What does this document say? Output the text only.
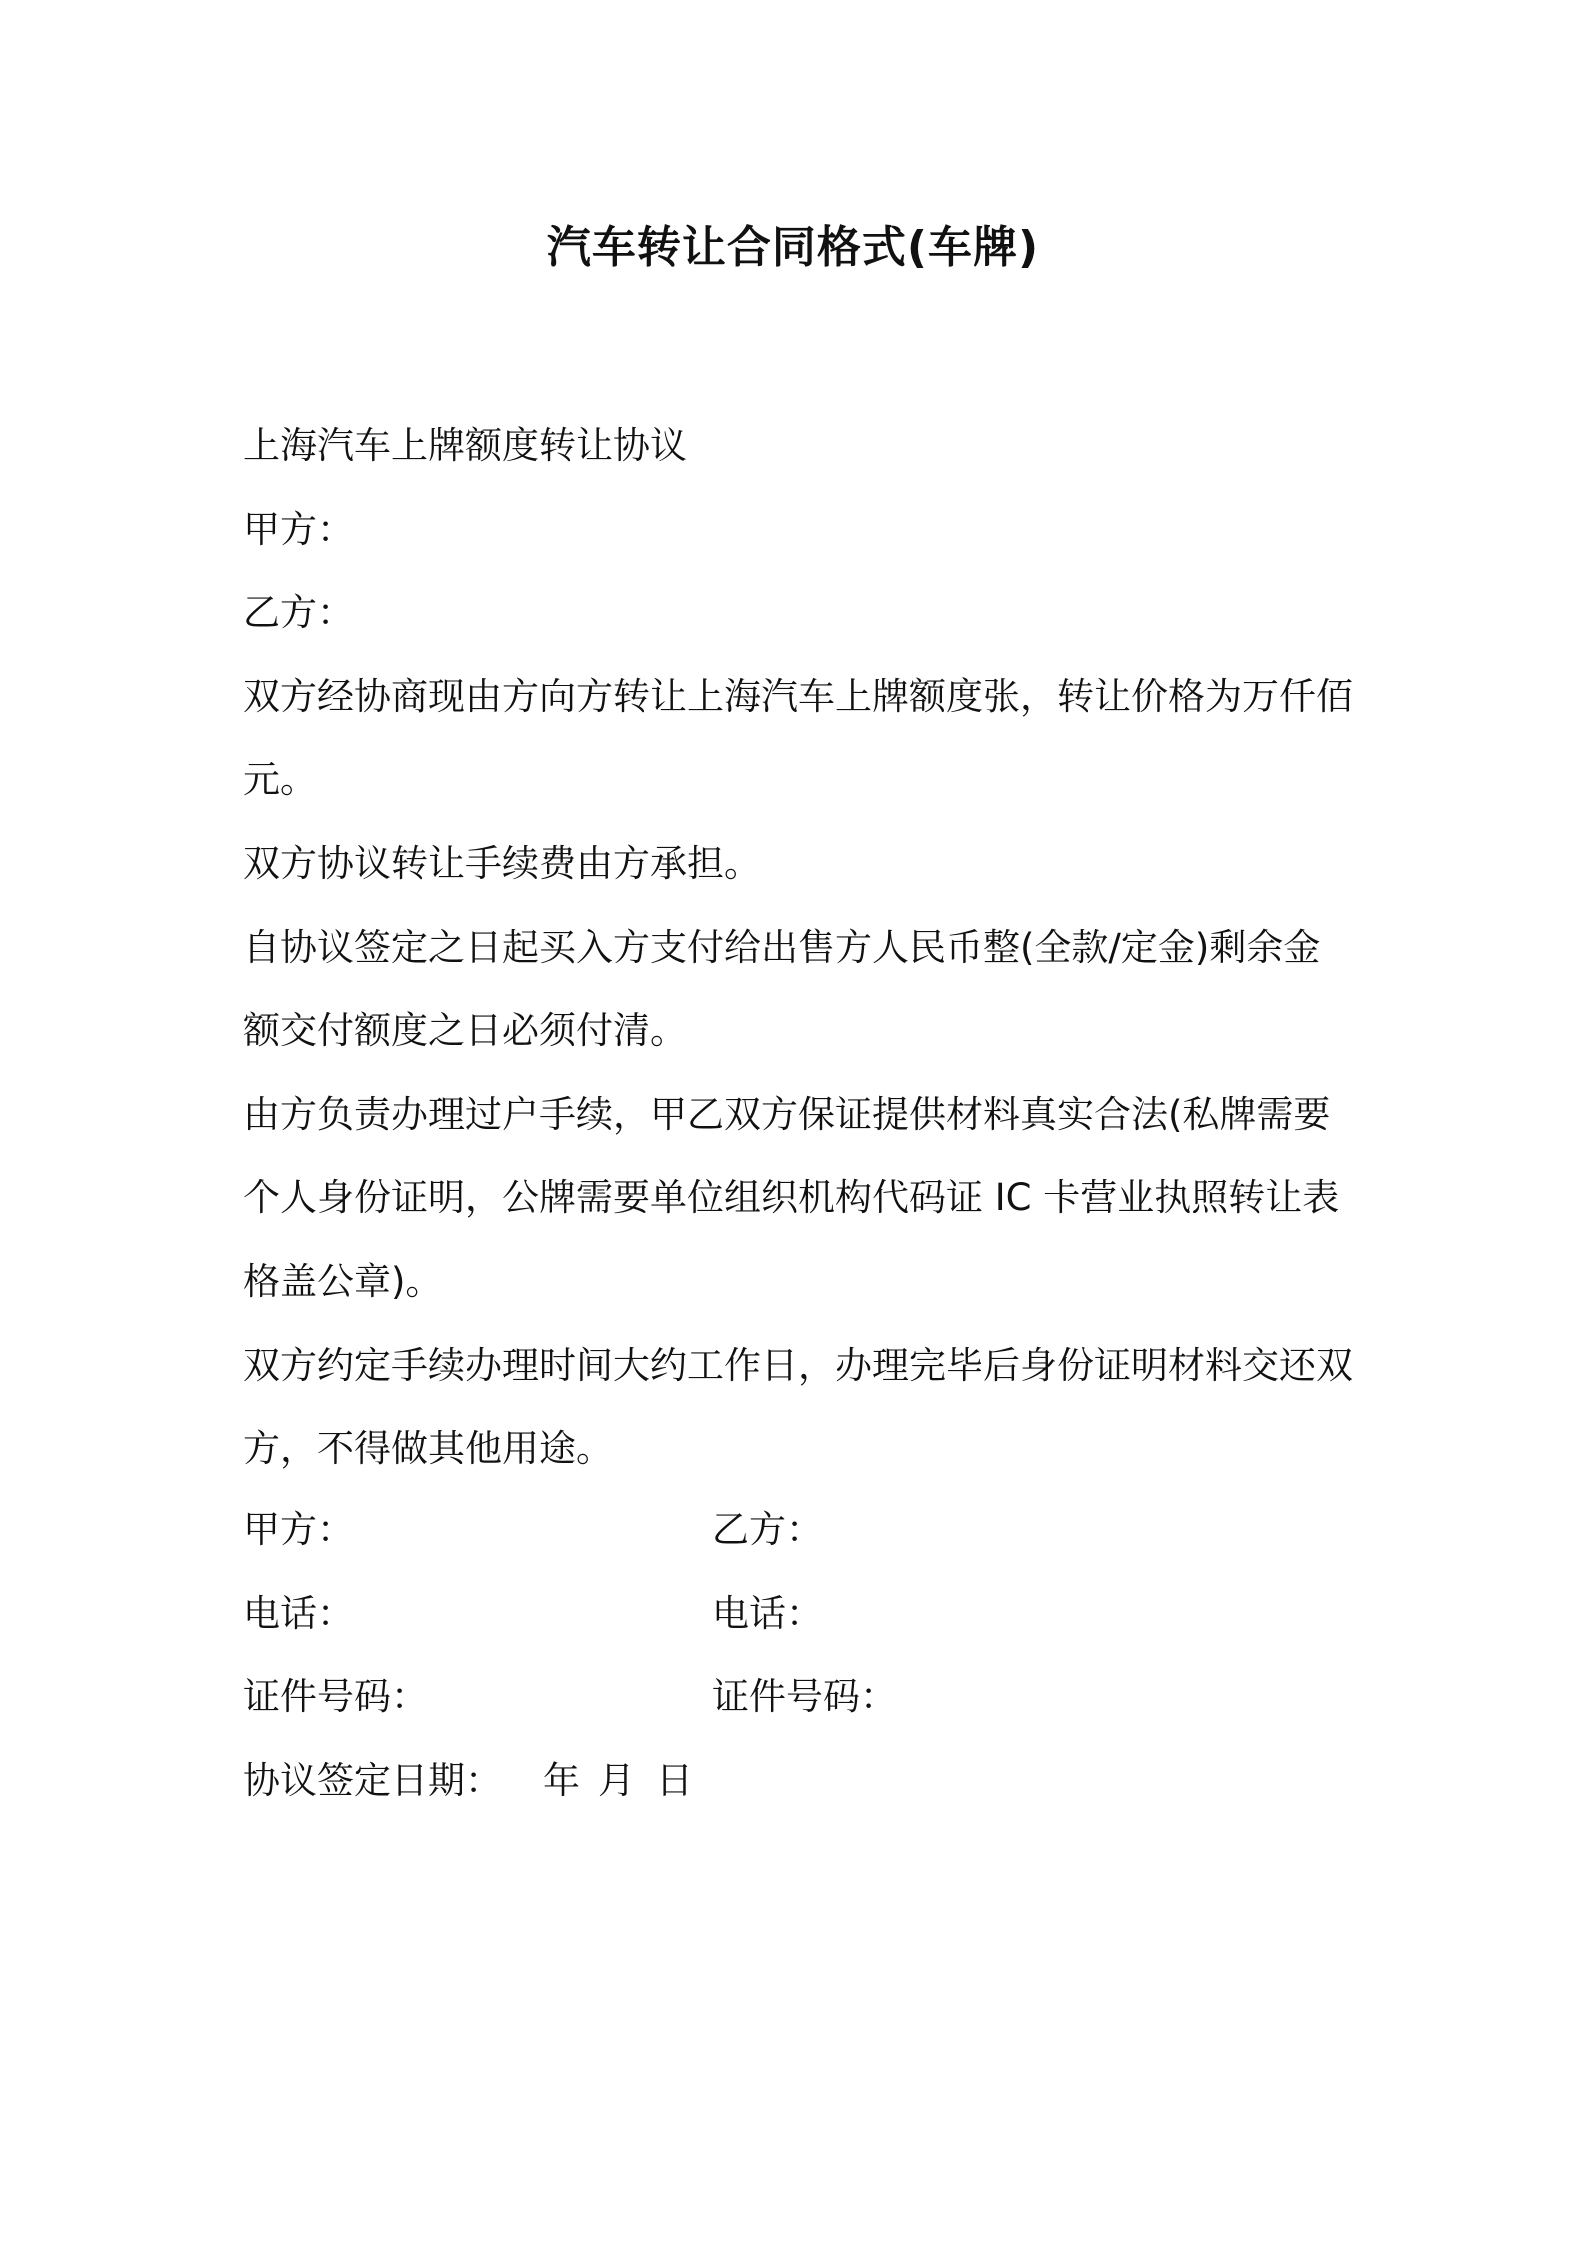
汽车转让合同格式(车牌)
上海汽车上牌额度转让协议
甲方：
乙方：
双方经协商现由方向方转让上海汽车上牌额度张，转让价格为万仟佰
元。
双方协议转让手续费由方承担。
自协议签定之日起买入方支付给出售方人民币整(全款/定金)剩余金
额交付额度之日必须付清。
由方负责办理过户手续，甲乙双方保证提供材料真实合法(私牌需要
个人身份证明，公牌需要单位组织机构代码证 IC 卡营业执照转让表
格盖公章)。
双方约定手续办理时间大约工作日，办理完毕后身份证明材料交还双
方，不得做其他用途。
甲方：	乙方：
电话：	电话：
证件号码：	证件号码：
协议签定日期： 年 月 日
